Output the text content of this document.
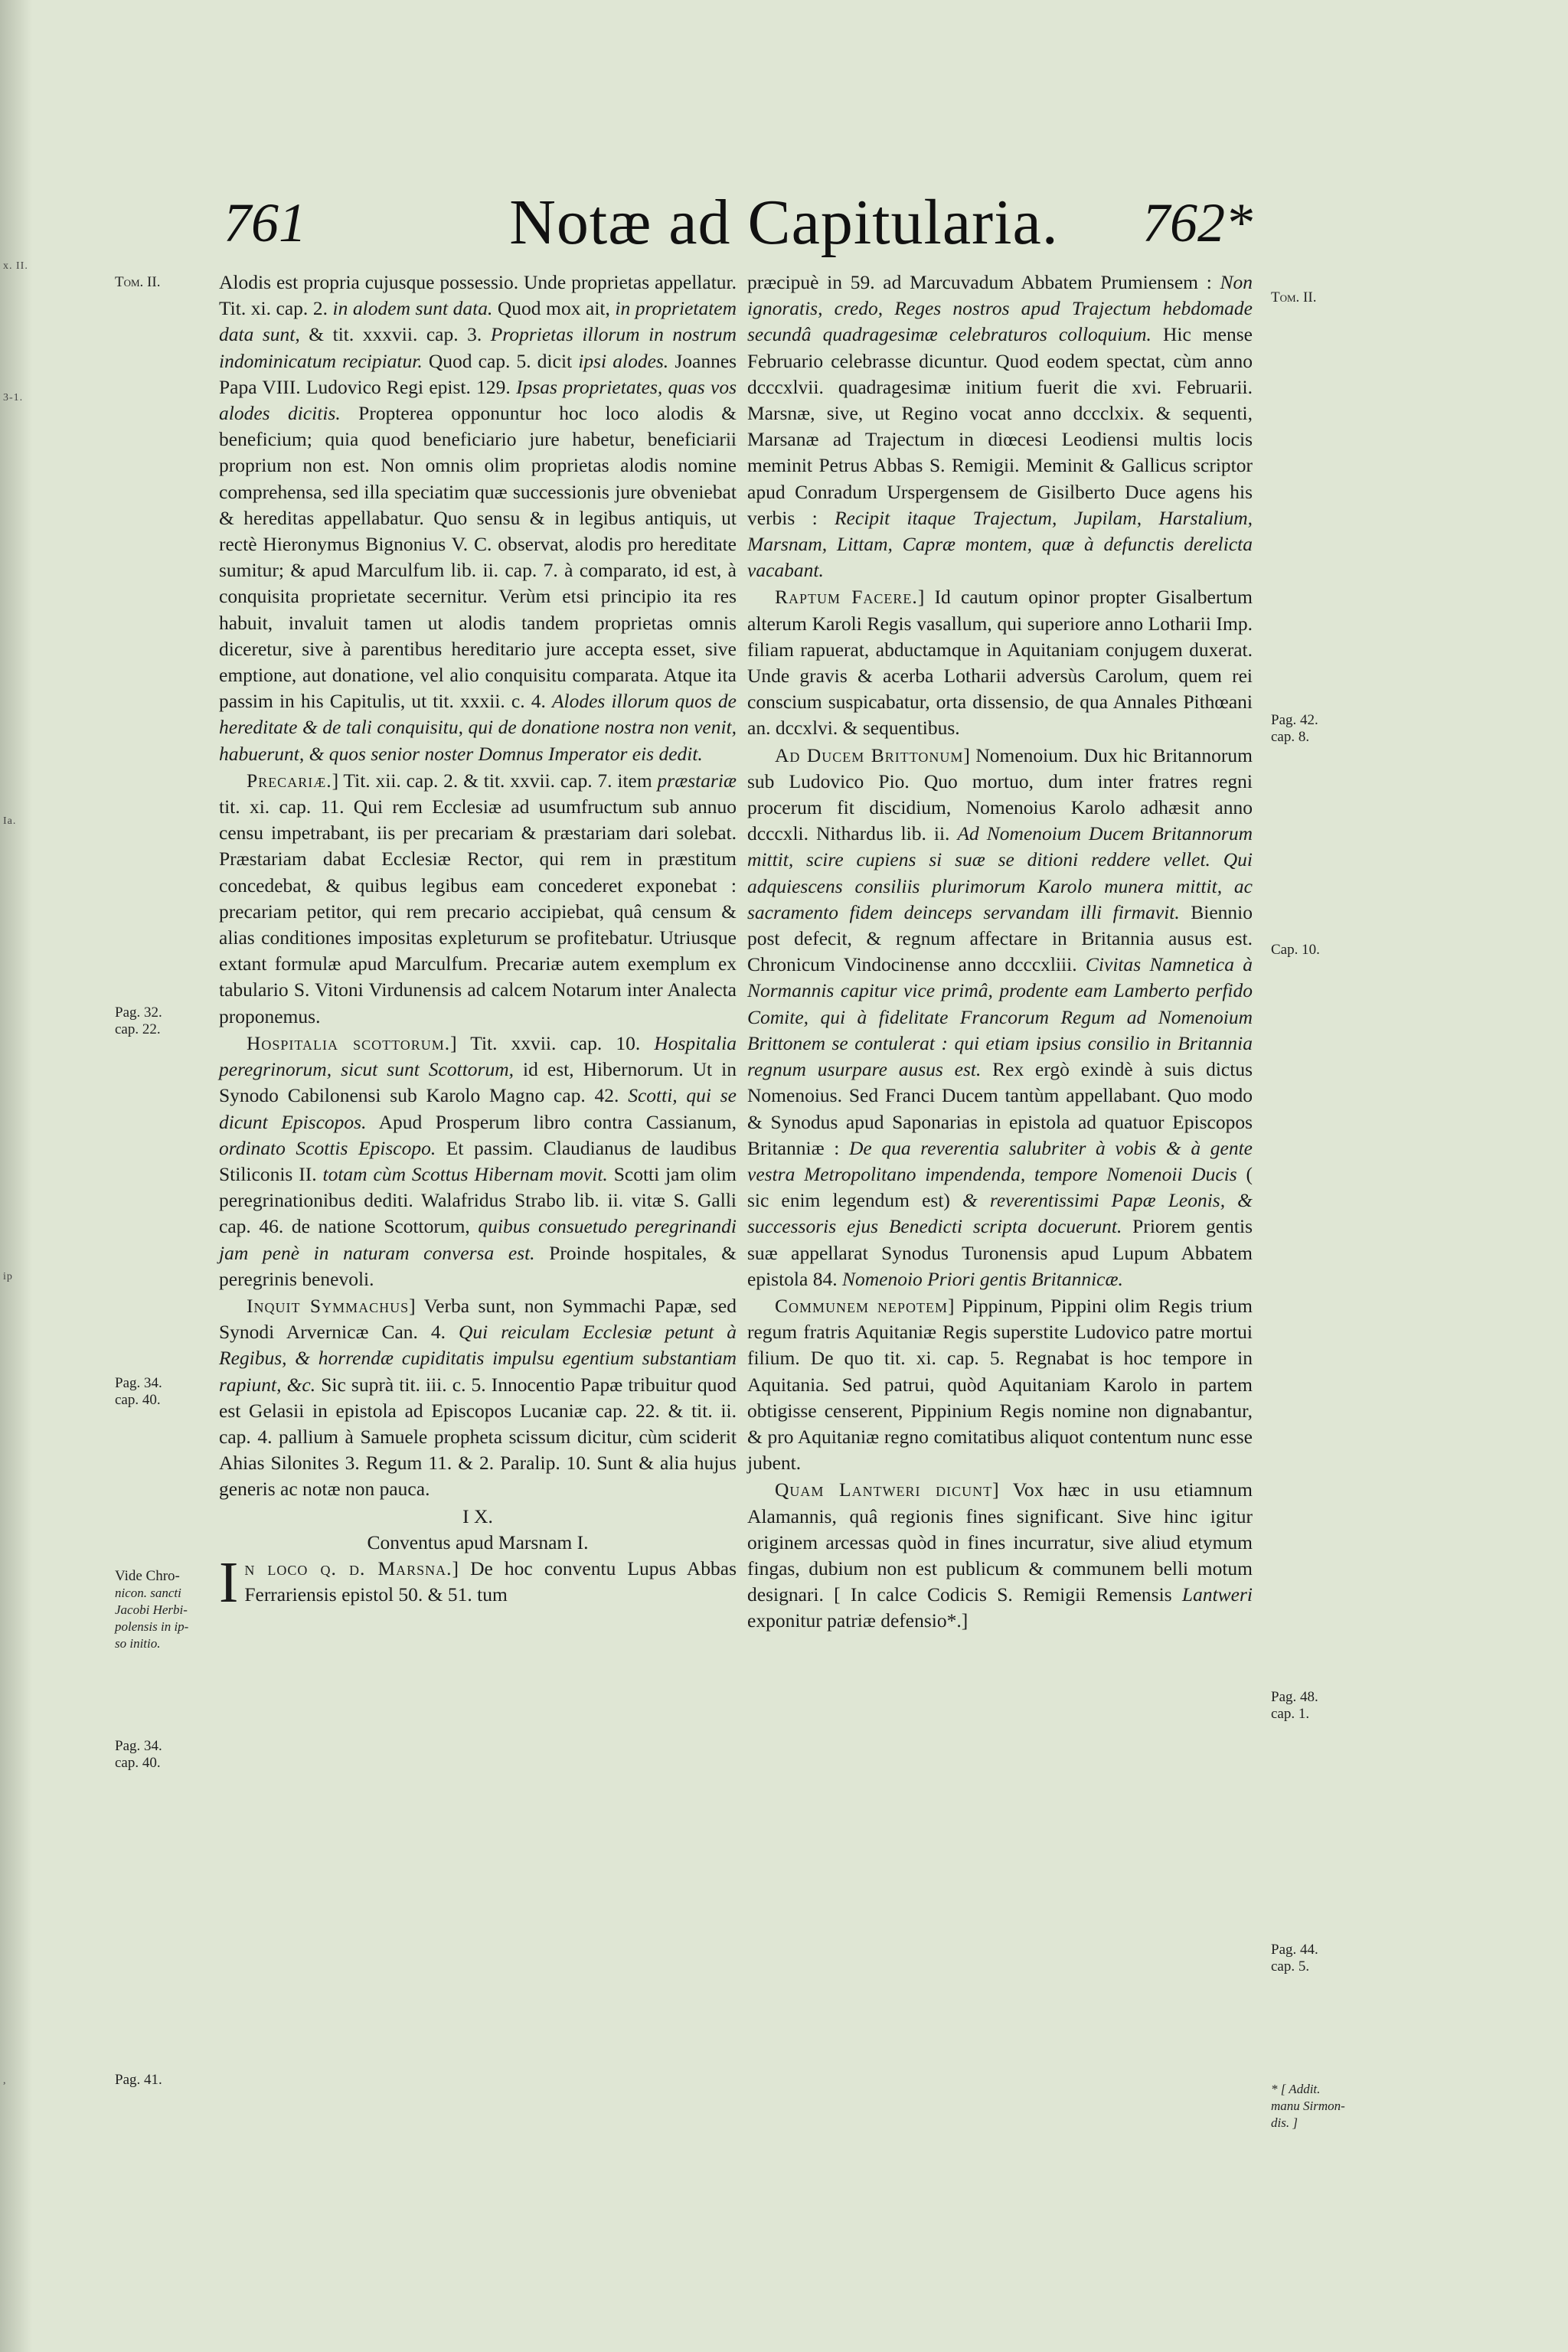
x. II.
3-1.
Ia.
ip
,
761	Notæ ad Capitularia.	762*
Tom. II.
Pag. 32.
cap. 22.
Pag. 34.
cap. 40.
Vide Chro-
nicon. sancti
Jacobi Herbi-
polensis in ip-
so initio.
Pag. 34.
cap. 40.
Pag. 41.
Tom. II.
Pag. 42.
cap. 8.
Cap. 10.
Pag. 48.
cap. 1.
Pag. 44.
cap. 5.
* [ Addit.
manu Sirmon-
dis. ]

Alodis est propria cujusque possessio. Unde proprietas appellatur. Tit. xi. cap. 2. in alodem sunt data. Quod mox ait, in proprietatem data sunt, & tit. xxxvii. cap. 3. Proprietas illorum in nostrum indominicatum recipiatur. Quod cap. 5. dicit ipsi alodes. Joannes Papa VIII. Ludovico Regi epist. 129. Ipsas proprietates, quas vos alodes dicitis. Propterea opponuntur hoc loco alodis & beneficium; quia quod beneficiario jure habetur, beneficiarii proprium non est. Non omnis olim proprietas alodis nomine comprehensa, sed illa speciatim quæ successionis jure obveniebat & hereditas appellabatur. Quo sensu & in legibus antiquis, ut rectè Hieronymus Bignonius V. C. observat, alodis pro hereditate sumitur; & apud Marculfum lib. ii. cap. 7. à comparato, id est, à conquisita proprietate secernitur. Verùm etsi principio ita res habuit, invaluit tamen ut alodis tandem proprietas omnis diceretur, sive à parentibus hereditario jure accepta esset, sive emptione, aut donatione, vel alio conquisitu comparata. Atque ita passim in his Capitulis, ut tit. xxxii. c. 4. Alodes illorum quos de hereditate & de tali conquisitu, qui de donatione nostra non venit, habuerunt, & quos senior noster Domnus Imperator eis dedit.

Precariæ.] Tit. xii. cap. 2. & tit. xxvii. cap. 7. item præstariæ tit. xi. cap. 11. Qui rem Ecclesiæ ad usumfructum sub annuo censu impetrabant, iis per precariam & præstariam dari solebat. Præstariam dabat Ecclesiæ Rector, qui rem in præstitum concedebat, & quibus legibus eam concederet exponebat : precariam petitor, qui rem precario accipiebat, quâ censum & alias conditiones impositas expleturum se profitebatur. Utriusque extant formulæ apud Marculfum. Precariæ autem exemplum ex tabulario S. Vitoni Virdunensis ad calcem Notarum inter Analecta proponemus.

Hospitalia scottorum.] Tit. xxvii. cap. 10. Hospitalia peregrinorum, sicut sunt Scottorum, id est, Hibernorum. Ut in Synodo Cabilonensi sub Karolo Magno cap. 42. Scotti, qui se dicunt Episcopos. Apud Prosperum libro contra Cassianum, ordinato Scottis Episcopo. Et passim. Claudianus de laudibus Stiliconis II. totam cùm Scottus Hibernam movit. Scotti jam olim peregrinationibus dediti. Walafridus Strabo lib. ii. vitæ S. Galli cap. 46. de natione Scottorum, quibus consuetudo peregrinandi jam penè in naturam conversa est. Proinde hospitales, & peregrinis benevoli.

Inquit Symmachus] Verba sunt, non Symmachi Papæ, sed Synodi Arvernicæ Can. 4. Qui reiculam Ecclesiæ petunt à Regibus, & horrendæ cupiditatis impulsu egentium substantiam rapiunt, &c. Sic suprà tit. iii. c. 5. Innocentio Papæ tribuitur quod est Gelasii in epistola ad Episcopos Lucaniæ cap. 22. & tit. ii. cap. 4. pallium à Samuele propheta scissum dicitur, cùm sciderit Ahias Silonites 3. Regum 11. & 2. Paralip. 10. Sunt & alia hujus generis ac notæ non pauca.

I X.

Conventus apud Marsnam I.

In loco q. d. Marsna.] De hoc conventu Lupus Abbas Ferrariensis epistol 50. & 51. tum

præcipuè in 59. ad Marcuvadum Abbatem Prumiensem : Non ignoratis, credo, Reges nostros apud Trajectum hebdomade secundâ quadragesimæ celebraturos colloquium. Hic mense Februario celebrasse dicuntur. Quod eodem spectat, cùm anno dcccxlvii. quadragesimæ initium fuerit die xvi. Februarii. Marsnæ, sive, ut Regino vocat anno dccclxix. & sequenti, Marsanæ ad Trajectum in diœcesi Leodiensi multis locis meminit Petrus Abbas S. Remigii. Meminit & Gallicus scriptor apud Conradum Urspergensem de Gisilberto Duce agens his verbis : Recipit itaque Trajectum, Jupilam, Harstalium, Marsnam, Littam, Capræ montem, quæ à defunctis derelicta vacabant.

Raptum Facere.] Id cautum opinor propter Gisalbertum alterum Karoli Regis vasallum, qui superiore anno Lotharii Imp. filiam rapuerat, abductamque in Aquitaniam conjugem duxerat. Unde gravis & acerba Lotharii adversùs Carolum, quem rei conscium suspicabatur, orta dissensio, de qua Annales Pithœani an. dccxlvi. & sequentibus.

Ad Ducem Brittonum] Nomenoium. Dux hic Britannorum sub Ludovico Pio. Quo mortuo, dum inter fratres regni procerum fit discidium, Nomenoius Karolo adhæsit anno dcccxli. Nithardus lib. ii. Ad Nomenoium Ducem Britannorum mittit, scire cupiens si suæ se ditioni reddere vellet. Qui adquiescens consiliis plurimorum Karolo munera mittit, ac sacramento fidem deinceps servandam illi firmavit. Biennio post defecit, & regnum affectare in Britannia ausus est. Chronicum Vindocinense anno dcccxliii. Civitas Namnetica à Normannis capitur vice primâ, prodente eam Lamberto perfido Comite, qui à fidelitate Francorum Regum ad Nomenoium Brittonem se contulerat : qui etiam ipsius consilio in Britannia regnum usurpare ausus est. Rex ergò exindè à suis dictus Nomenoius. Sed Franci Ducem tantùm appellabant. Quo modo & Synodus apud Saponarias in epistola ad quatuor Episcopos Britanniæ : De qua reverentia salubriter à vobis & à gente vestra Metropolitano impendenda, tempore Nomenoii Ducis ( sic enim legendum est) & reverentissimi Papæ Leonis, & successoris ejus Benedicti scripta docuerunt. Priorem gentis suæ appellarat Synodus Turonensis apud Lupum Abbatem epistola 84. Nomenoio Priori gentis Britannicæ.

Communem nepotem] Pippinum, Pippini olim Regis trium regum fratris Aquitaniæ Regis superstite Ludovico patre mortui filium. De quo tit. xi. cap. 5. Regnabat is hoc tempore in Aquitania. Sed patrui, quòd Aquitaniam Karolo in partem obtigisse censerent, Pippinium Regis nomine non dignabantur, & pro Aquitaniæ regno comitatibus aliquot contentum nunc esse jubent.

Quam Lantweri dicunt] Vox hæc in usu etiamnum Alamannis, quâ regionis fines significant. Sive hinc igitur originem arcessas quòd in fines incurratur, sive aliud etymum fingas, dubium non est publicum & communem belli motum designari. [ In calce Codicis S. Remigii Remensis Lantweri exponitur patriæ defensio*.]
